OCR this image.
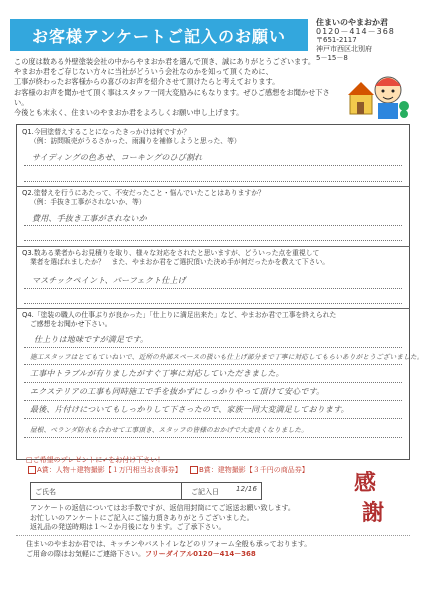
お客様アンケートご記入のお願い
住まいのやまおか君
0120－414－368
〒651-2117
神戸市西区北別府
5－15－8
この度は数ある外壁塗装会社の中からやまおか君を選んで頂き、誠にありがとうございます。
やまおか君をご存じない方々に当社がどういう会社なのかを知って頂くために、
工事が終わったお客様からの喜びのお声を紹介させて頂けたらと考えております。
お客様のお声を聞かせて頂く事はスタッフ一同大変励みにもなります。ぜひご感想をお聞かせ下さい。
今後とも末永く、住まいのやまおか君をよろしくお願い申し上げます。
Q1.今回塗替えすることになったきっかけは何ですか？
（例：訪問販売がうるさかった、雨漏りを補修しようと思った、等）
サイディングの色あせ、コーキングのひび割れ
Q2.塗替えを行うにあたって、不安だったこと・悩んでいたことはありますか？
（例：手抜き工事がされないか、等）
費用、手抜き工事がされないか
Q3.数ある業者からお見積りを取り、様々な対応をされたと思いますが、どういった点を重視して
業者を選ばれましたか？　また、やまおか君をご選択頂いた決め手が何だったかを教えて下さい。
マスチックペイント、パーフェクト仕上げ
Q4.「塗装の職人の仕事ぶりが良かった」「仕上りに満足出来た」など、やまおか君で工事を終えられた
ご感想をお聞かせ下さい。
仕上りは地味ですが満足です。
施工スタッフはとてもていねいで、近所の外部スペースの扱いも仕上げ部分まで丁寧に対応してもらいありがとうございました。
工事中トラブルが有りましたがすぐ丁寧に対応していただきました。
エクステリアの工事も同時施工で手を抜かずにしっかりやって頂けて安心です。
最後、片付けについてもしっかりして下さったので、家族一同大変満足しております。
屋根、ベランダ防水も合わせて工事頂き、スタッフの皆様のおかげで大変良くなりました。
□ご希望のプレゼントに✓をお付け下さい！
A賞：人物＋建物撮影【１万円相当お食事券】	B賞：建物撮影【３千円の商品券】
ご氏名	ご記入日 12/16	感
謝
アンケートの返信についてはお手数ですが、返信用封筒にてご返送お願い致します。
お忙しいのアンケートにご記入にご協力頂きありがとうございました。
返礼品の発送時期は１～２か月後になります。ご了承下さい。
住まいのやまおか君では、キッチンやバストイレなどのリフォーム全般も承っております。
ご用命の際はお気軽にご連絡下さい。フリーダイアル0120－414－368
